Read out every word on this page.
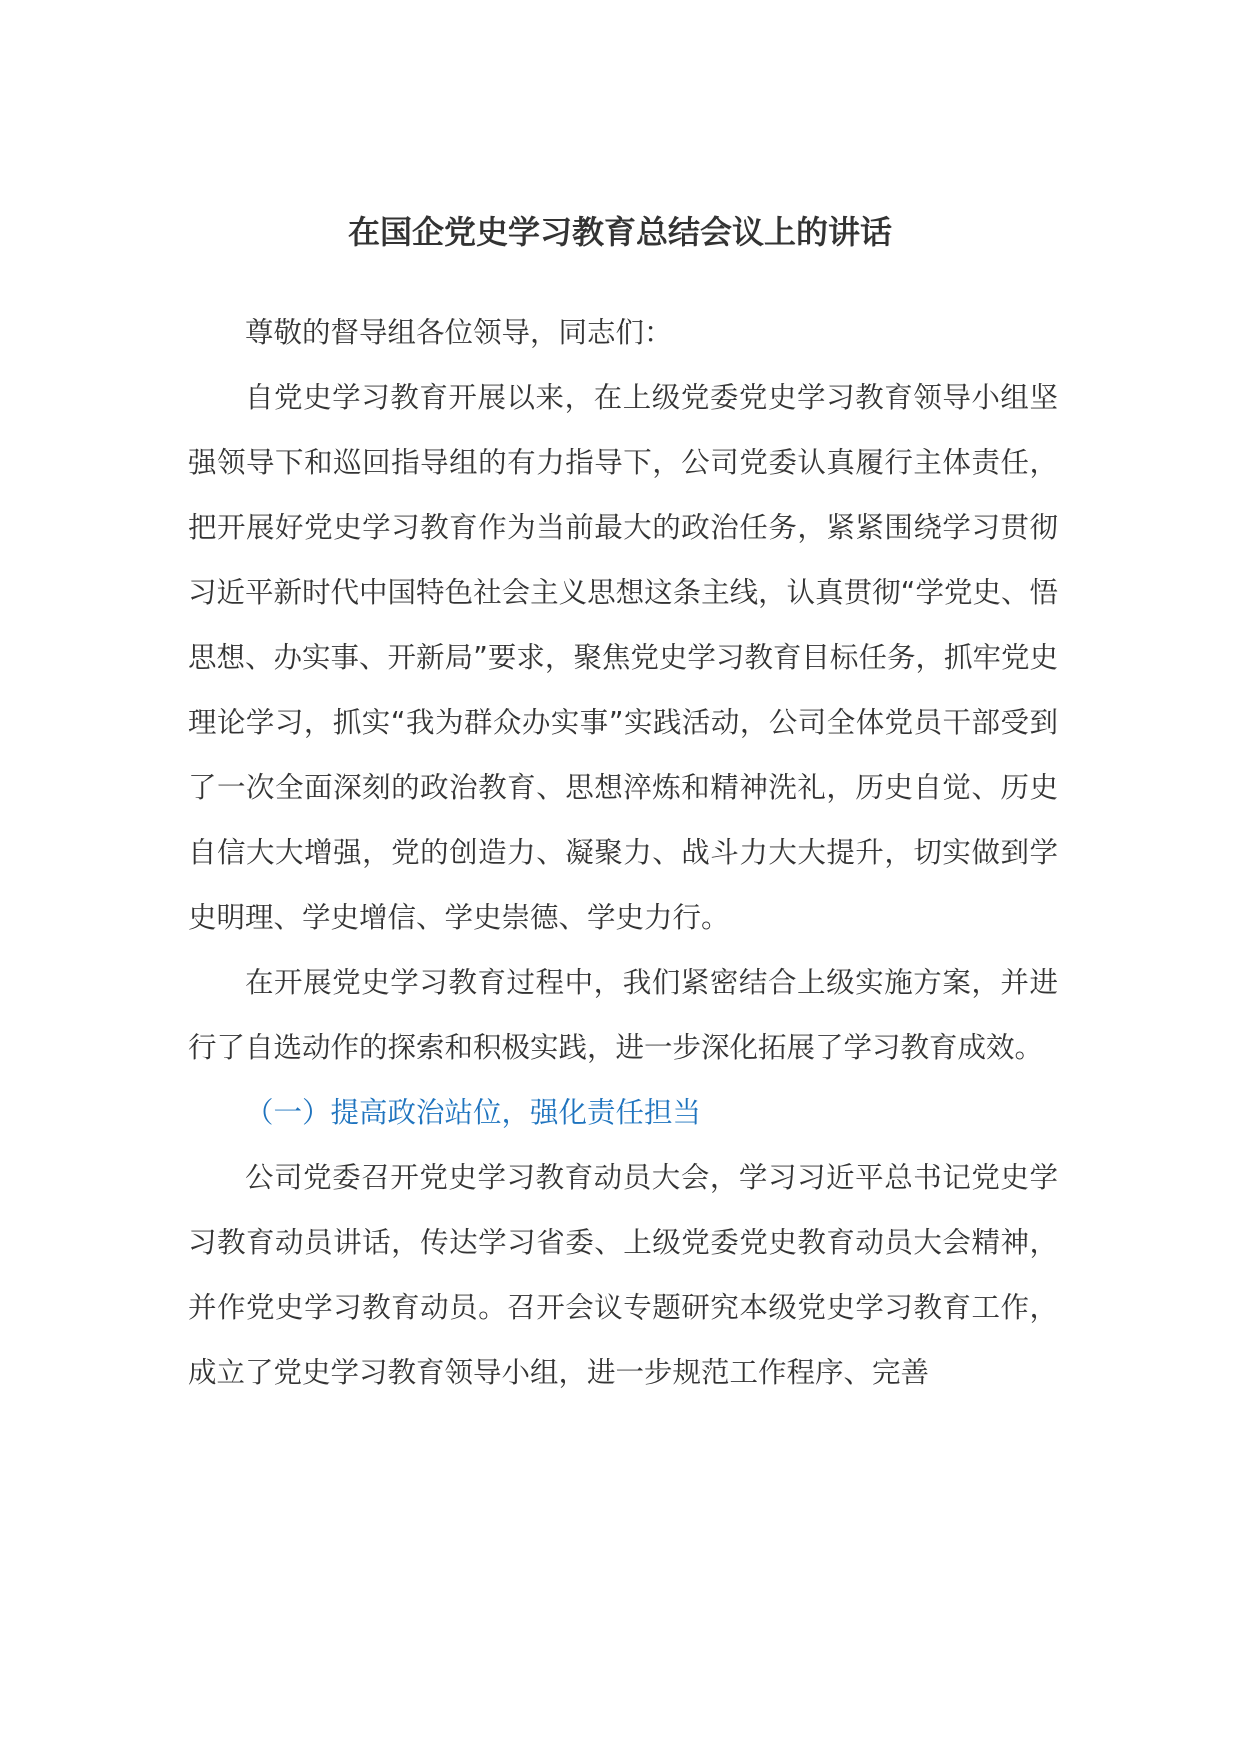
在国企党史学习教育总结会议上的讲话

尊敬的督导组各位领导，同志们：

自党史学习教育开展以来，在上级党委党史学习教育领导小组坚强领导下和巡回指导组的有力指导下，公司党委认真履行主体责任，把开展好党史学习教育作为当前最大的政治任务，紧紧围绕学习贯彻习近平新时代中国特色社会主义思想这条主线，认真贯彻“学党史、悟思想、办实事、开新局”要求，聚焦党史学习教育目标任务，抓牢党史理论学习，抓实“我为群众办实事”实践活动，公司全体党员干部受到了一次全面深刻的政治教育、思想淬炼和精神洗礼，历史自觉、历史自信大大增强，党的创造力、凝聚力、战斗力大大提升，切实做到学史明理、学史增信、学史崇德、学史力行。

在开展党史学习教育过程中，我们紧密结合上级实施方案，并进行了自选动作的探索和积极实践，进一步深化拓展了学习教育成效。

（一）提高政治站位，强化责任担当

公司党委召开党史学习教育动员大会，学习习近平总书记党史学习教育动员讲话，传达学习省委、上级党委党史教育动员大会精神，并作党史学习教育动员。召开会议专题研究本级党史学习教育工作，成立了党史学习教育领导小组，进一步规范工作程序、完善
